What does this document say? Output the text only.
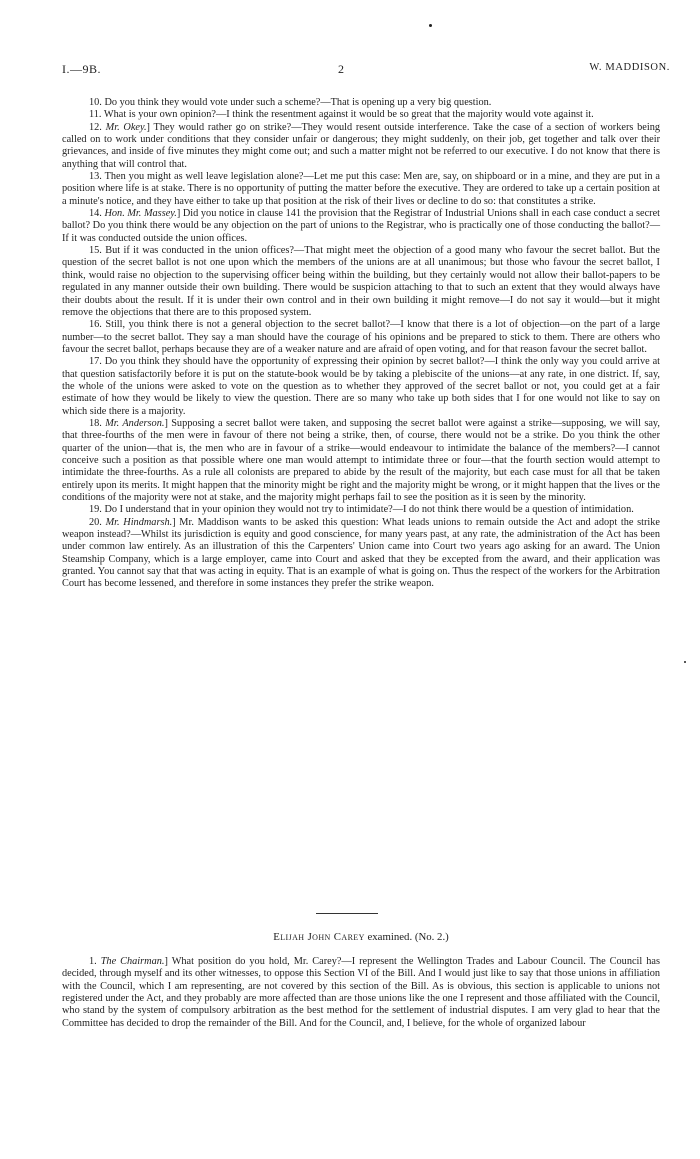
I.—9B.	2	W. MADDISON.

10. Do you think they would vote under such a scheme?—That is opening up a very big question.

11. What is your own opinion?—I think the resentment against it would be so great that the majority would vote against it.

12. Mr. Okey.] They would rather go on strike?—They would resent outside interference. Take the case of a section of workers being called on to work under conditions that they consider unfair or dangerous; they might suddenly, on their job, get together and talk over their grievances, and inside of five minutes they might come out; and such a matter might not be referred to our executive. I do not know that there is anything that will control that.

13. Then you might as well leave legislation alone?—Let me put this case: Men are, say, on shipboard or in a mine, and they are put in a position where life is at stake. There is no opportunity of putting the matter before the executive. They are ordered to take up a certain position at a minute's notice, and they have either to take up that position at the risk of their lives or decline to do so: that constitutes a strike.

14. Hon. Mr. Massey.] Did you notice in clause 141 the provision that the Registrar of Industrial Unions shall in each case conduct a secret ballot? Do you think there would be any objection on the part of unions to the Registrar, who is practically one of those conducting the ballot?—If it was conducted outside the union offices.

15. But if it was conducted in the union offices?—That might meet the objection of a good many who favour the secret ballot. But the question of the secret ballot is not one upon which the members of the unions are at all unanimous; but those who favour the secret ballot, I think, would raise no objection to the supervising officer being within the building, but they certainly would not allow their ballot-papers to be regulated in any manner outside their own building. There would be suspicion attaching to that to such an extent that they would always have their doubts about the result. If it is under their own control and in their own building it might remove—I do not say it would—but it might remove the objections that there are to this proposed system.

16. Still, you think there is not a general objection to the secret ballot?—I know that there is a lot of objection—on the part of a large number—to the secret ballot. They say a man should have the courage of his opinions and be prepared to stick to them. There are others who favour the secret ballot, perhaps because they are of a weaker nature and are afraid of open voting, and for that reason favour the secret ballot.

17. Do you think they should have the opportunity of expressing their opinion by secret ballot?—I think the only way you could arrive at that question satisfactorily before it is put on the statute-book would be by taking a plebiscite of the unions—at any rate, in one district. If, say, the whole of the unions were asked to vote on the question as to whether they approved of the secret ballot or not, you could get at a fair estimate of how they would be likely to view the question. There are so many who take up both sides that I for one would not like to say on which side there is a majority.

18. Mr. Anderson.] Supposing a secret ballot were taken, and supposing the secret ballot were against a strike—supposing, we will say, that three-fourths of the men were in favour of there not being a strike, then, of course, there would not be a strike. Do you think the other quarter of the union—that is, the men who are in favour of a strike—would endeavour to intimidate the balance of the members?—I cannot conceive such a position as that possible where one man would attempt to intimidate three or four—that the fourth section would attempt to intimidate the three-fourths. As a rule all colonists are prepared to abide by the result of the majority, but each case must for all that be taken entirely upon its merits. It might happen that the minority might be right and the majority might be wrong, or it might happen that the lives or the conditions of the majority were not at stake, and the majority might perhaps fail to see the position as it is seen by the minority.

19. Do I understand that in your opinion they would not try to intimidate?—I do not think there would be a question of intimidation.

20. Mr. Hindmarsh.] Mr. Maddison wants to be asked this question: What leads unions to remain outside the Act and adopt the strike weapon instead?—Whilst its jurisdiction is equity and good conscience, for many years past, at any rate, the administration of the Act has been under common law entirely. As an illustration of this the Carpenters' Union came into Court two years ago asking for an award. The Union Steamship Company, which is a large employer, came into Court and asked that they be excepted from the award, and their application was granted. You cannot say that that was acting in equity. That is an example of what is going on. Thus the respect of the workers for the Arbitration Court has become lessened, and therefore in some instances they prefer the strike weapon.

Elijah John Carey examined. (No. 2.)

1. The Chairman.] What position do you hold, Mr. Carey?—I represent the Wellington Trades and Labour Council. The Council has decided, through myself and its other witnesses, to oppose this Section VI of the Bill. And I would just like to say that those unions in affiliation with the Council, which I am representing, are not covered by this section of the Bill. As is obvious, this section is applicable to unions not registered under the Act, and they probably are more affected than are those unions like the one I represent and those affiliated with the Council, who stand by the system of compulsory arbitration as the best method for the settlement of industrial disputes. I am very glad to hear that the Committee has decided to drop the remainder of the Bill. And for the Council, and, I believe, for the whole of organized labour
